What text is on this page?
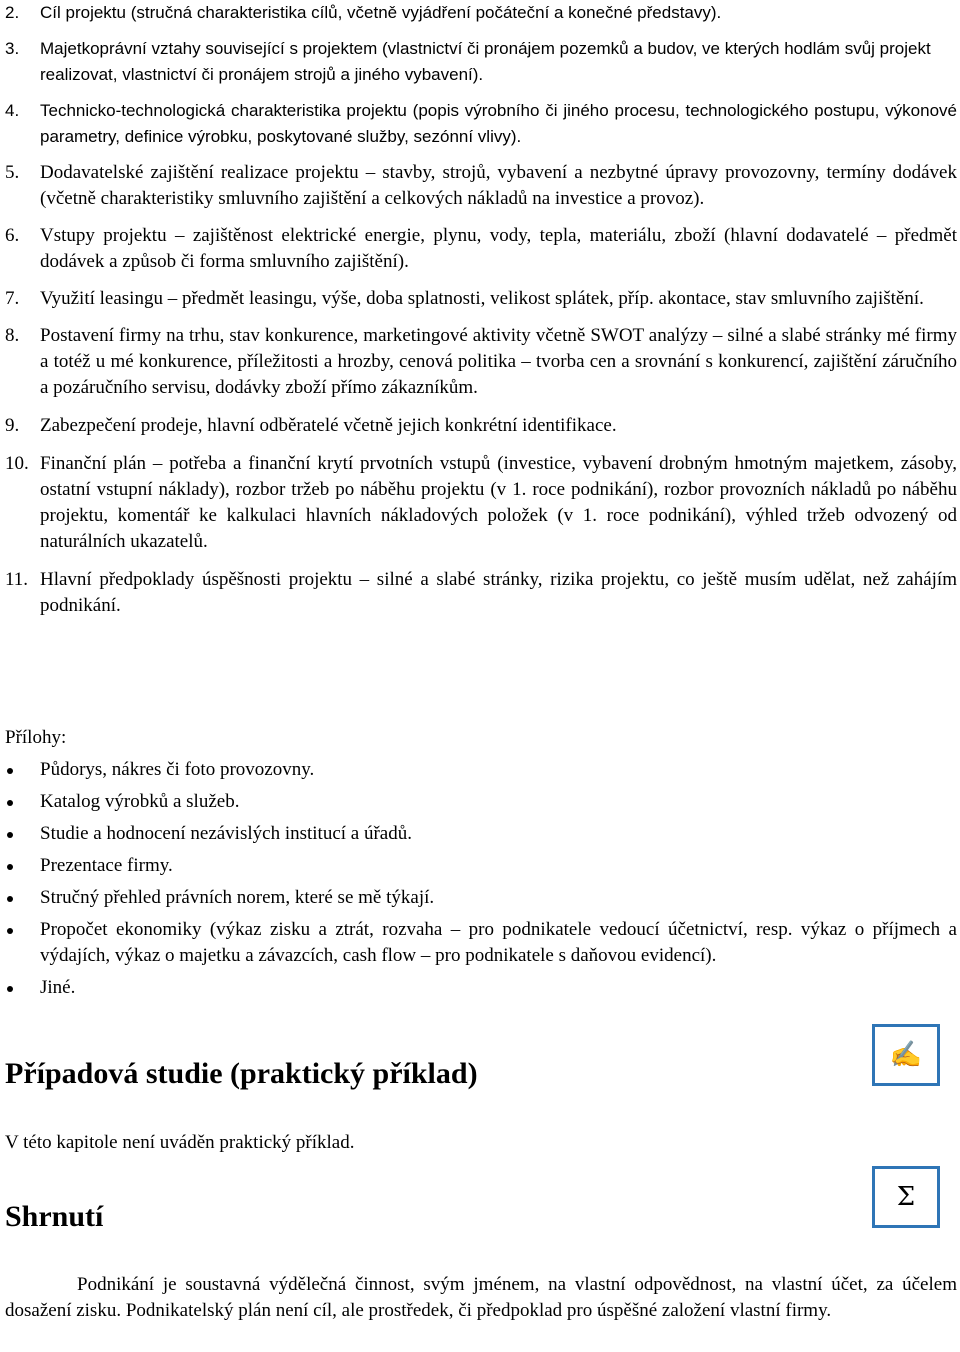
2.	Cíl projektu (stručná charakteristika cílů, včetně vyjádření počáteční a konečné představy).
3.	Majetkoprávní vztahy související s projektem (vlastnictví či pronájem pozemků a budov, ve kterých hodlám svůj projekt realizovat, vlastnictví či pronájem strojů a jiného vybavení).
4.	Technicko-technologická charakteristika projektu (popis výrobního či jiného procesu, technologického postupu, výkonové parametry, definice výrobku, poskytované služby, sezónní vlivy).
5.	Dodavatelské zajištění realizace projektu – stavby, strojů, vybavení a nezbytné úpravy provozovny, termíny dodávek (včetně charakteristiky smluvního zajištění a celkových nákladů na investice a provoz).
6.	Vstupy projektu – zajištěnost elektrické energie, plynu, vody, tepla, materiálu, zboží (hlavní dodavatelé – předmět dodávek a způsob či forma smluvního zajištění).
7.	Využití leasingu – předmět leasingu, výše, doba splatnosti, velikost splátek, příp. akontace, stav smluvního zajištění.
8.	Postavení firmy na trhu, stav konkurence, marketingové aktivity včetně SWOT analýzy – silné a slabé stránky mé firmy a totéž u mé konkurence, příležitosti a hrozby, cenová politika – tvorba cen a srovnání s konkurencí, zajištění záručního a pozáručního servisu, dodávky zboží přímo zákazníkům.
9.	Zabezpečení prodeje, hlavní odběratelé včetně jejich konkrétní identifikace.
10. Finanční plán – potřeba a finanční krytí prvotních vstupů (investice, vybavení drobným hmotným majetkem, zásoby, ostatní vstupní náklady), rozbor tržeb po náběhu projektu (v 1. roce podnikání), rozbor provozních nákladů po náběhu projektu, komentář ke kalkulaci hlavních nákladových položek (v 1. roce podnikání), výhled tržeb odvozený od naturálních ukazatelů.
11. Hlavní předpoklady úspěšnosti projektu – silné a slabé stránky, rizika projektu, co ještě musím udělat, než zahájím podnikání.

Přílohy:

Půdorys, nákres či foto provozovny.
Katalog výrobků a služeb.
Studie a hodnocení nezávislých institucí a úřadů.
Prezentace firmy.
Stručný přehled právních norem, které se mě týkají.
Propočet ekonomiky (výkaz zisku a ztrát, rozvaha – pro podnikatele vedoucí účetnictví, resp. výkaz o příjmech a výdajích, výkaz o majetku a závazcích, cash flow – pro podnikatele s daňovou evidencí).
Jiné.
✍
Případová studie (praktický příklad)

V této kapitole není uváděn praktický příklad.

Σ
Shrnutí

Podnikání je soustavná výdělečná činnost, svým jménem, na vlastní odpovědnost, na vlastní účet, za účelem dosažení zisku. Podnikatelský plán není cíl, ale prostředek, či předpoklad pro úspěšné založení vlastní firmy.
